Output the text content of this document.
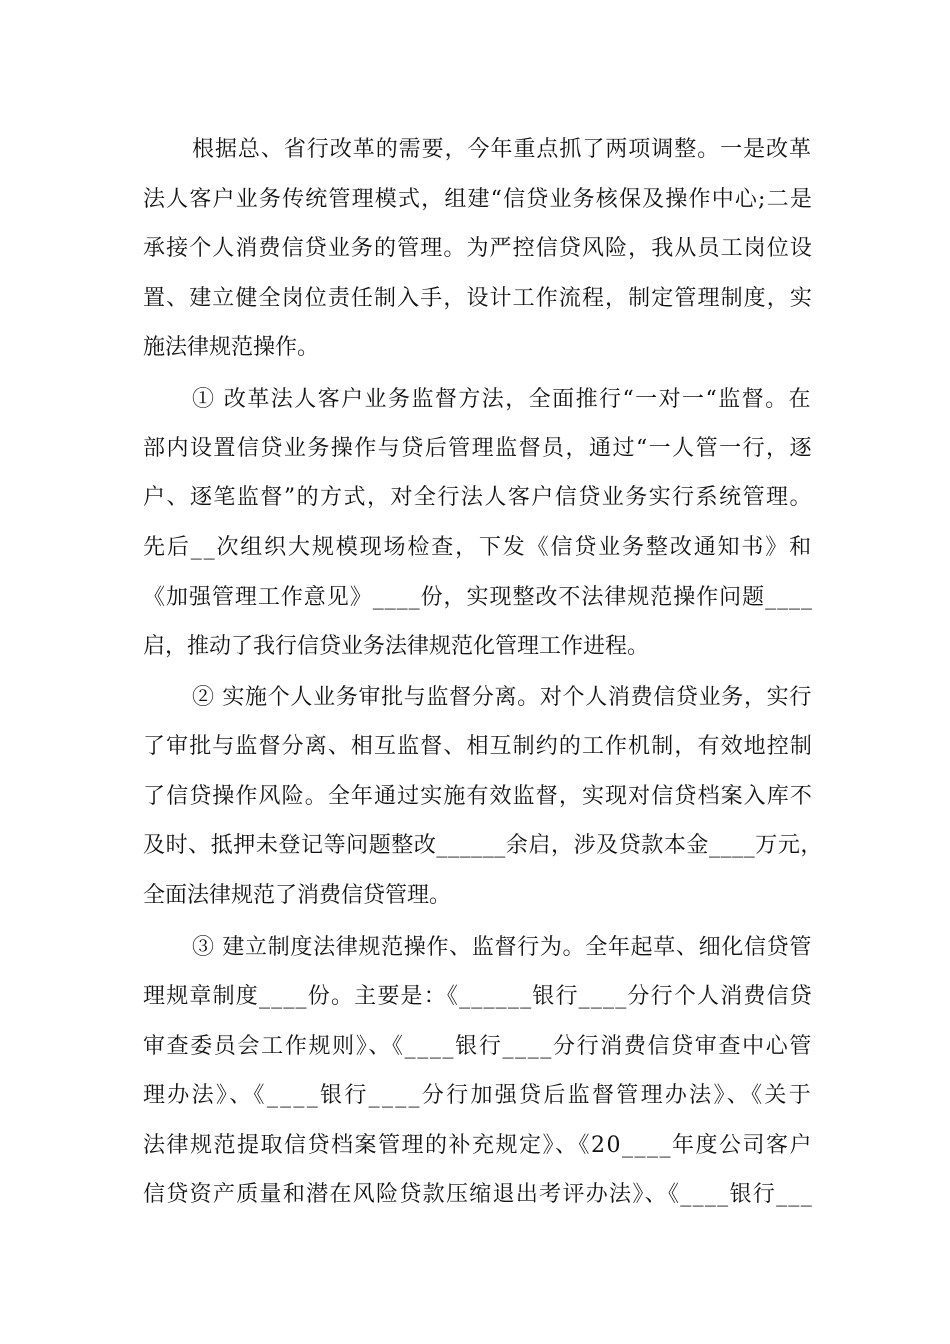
根据总、省行改革的需要，今年重点抓了两项调整。一是改革

法人客户业务传统管理模式，组建“信贷业务核保及操作中心;二是

承接个人消费信贷业务的管理。为严控信贷风险，我从员工岗位设

置、建立健全岗位责任制入手，设计工作流程，制定管理制度，实

施法律规范操作。

① 改革法人客户业务监督方法，全面推行“一对一“监督。在

部内设置信贷业务操作与贷后管理监督员，通过“一人管一行，逐

户、逐笔监督”的方式，对全行法人客户信贷业务实行系统管理。

先后__次组织大规模现场检查，下发《信贷业务整改通知书》和

《加强管理工作意见》____份，实现整改不法律规范操作问题____

启，推动了我行信贷业务法律规范化管理工作进程。

② 实施个人业务审批与监督分离。对个人消费信贷业务，实行

了审批与监督分离、相互监督、相互制约的工作机制，有效地控制

了信贷操作风险。全年通过实施有效监督，实现对信贷档案入库不

及时、抵押未登记等问题整改______余启，涉及贷款本金____万元，

全面法律规范了消费信贷管理。

③ 建立制度法律规范操作、监督行为。全年起草、细化信贷管

理规章制度____份。主要是：《______银行____分行个人消费信贷

审查委员会工作规则》、《____银行____分行消费信贷审查中心管

理办法》、《____银行____分行加强贷后监督管理办法》、《关于

法律规范提取信贷档案管理的补充规定》、《20____年度公司客户

信贷资产质量和潜在风险贷款压缩退出考评办法》、《____银行___
